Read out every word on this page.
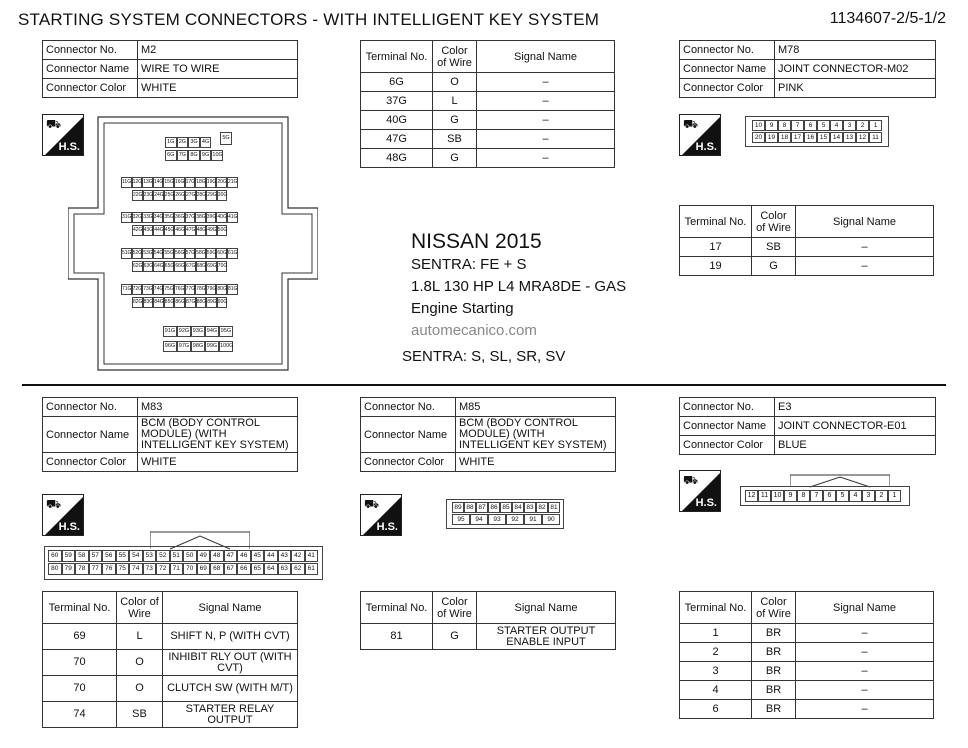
STARTING SYSTEM CONNECTORS - WITH INTELLIGENT KEY SYSTEM	1134607-2/5-1/2
Connector No.	M2
Connector Name	WIRE TO WIRE
Connector Color	WHITE
⛟
H.S.	1G 2G 3G 4G
5G
6G 7G 8G 9G 10G
11G 12G 13G 14G 15G 16G 17G 18G 19G 20G 21G
22G 23G 24G 25G 26G 27G 28G 29G 30G
31G 32G 33G 34G 35G 36G 37G 38G 39G 40G 41G
42G 43G 44G 45G 46G 47G 48G 49G 50G
51G 52G 53G 54G 55G 56G 57G 58G 59G 60G 61G
62G 63G 64G 65G 66G 67G 68G 69G 70G
71G 72G 73G 74G 75G 76G 77G 78G 79G 80G 81G
82G 83G 84G 85G 86G 87G 88G 89G 90G
91G 92G 93G 94G 95G
96G 97G 98G 99G 100G
Terminal No.	Color of Wire	Signal Name
6G	O	–
37G	L	–
40G	G	–
47G	SB	–
48G	G	–
Connector No.	M78
Connector Name	JOINT CONNECTOR-M02
Connector Color	PINK
⛟
H.S.
10	9	8	7	6	5	4	3	2	1
20 19 18 17 16 15 14 13 12 11
Terminal No.	Color of Wire	Signal Name
17	SB	–
19	G	–
NISSAN 2015
SENTRA: FE + S
1.8L 130 HP L4 MRA8DE - GAS
Engine Starting
automecanico.com
SENTRA: S, SL, SR, SV
Connector No.	M83
Connector Name	BCM (BODY CONTROL MODULE) (WITH INTELLIGENT KEY SYSTEM)
Connector Color	WHITE
⛟
H.S.
60 59 58 57 56 55 54 53 52 51 50 49 48 47 46 45 44 43 42 41
80 79 78 77 76 75 74 73 72 71 70 69 68 67 66 65 64 63 62 61
Terminal No.	Color of Wire	Signal Name
69	L	SHIFT N, P (WITH CVT)
70	O	INHIBIT RLY OUT (WITH CVT)
70	O	CLUTCH SW (WITH M/T)
74	SB	STARTER RELAY OUTPUT
Connector No.	M85
Connector Name	BCM (BODY CONTROL MODULE) (WITH INTELLIGENT KEY SYSTEM)
Connector Color	WHITE
⛟
H.S.
89 88 87 86 85 84 83 82 81
95	94	93	92	91	90
Terminal No.	Color of Wire	Signal Name
81	G	STARTER OUTPUT ENABLE INPUT
Connector No.	E3
Connector Name	JOINT CONNECTOR-E01
Connector Color	BLUE
⛟
H.S.
12 11 10	9	8	7	6	5	4	3	2	1
Terminal No.	Color of Wire	Signal Name
1	BR	–
2	BR	–
3	BR	–
4	BR	–
6	BR	–
